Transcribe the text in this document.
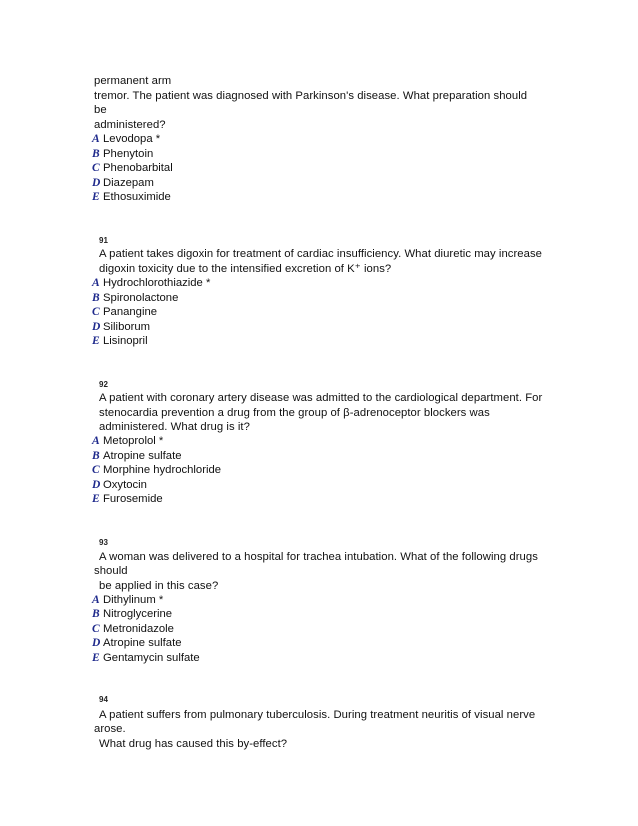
permanent arm
tremor. The patient was diagnosed with Parkinson's disease. What preparation should
be
administered?
A Levodopa *
B Phenytoin
C Phenobarbital
D Diazepam
E Ethosuximide
91
A patient takes digoxin for treatment of cardiac insufficiency. What diuretic may increase
digoxin toxicity due to the intensified excretion of K⁺ ions?
A Hydrochlorothiazide *
B Spironolactone
C Panangine
D Siliborum
E Lisinopril
92
A patient with coronary artery disease was admitted to the cardiological department. For
stenocardia prevention a drug from the group of β-adrenoceptor blockers was
administered. What drug is it?
A Metoprolol *
B Atropine sulfate
C Morphine hydrochloride
D Oxytocin
E Furosemide
93
A woman was delivered to a hospital for trachea intubation. What of the following drugs
should
be applied in this case?
A Dithylinum *
B Nitroglycerine
C Metronidazole
D Atropine sulfate
E Gentamycin sulfate
94
A patient suffers from pulmonary tuberculosis. During treatment neuritis of visual nerve
arose.
What drug has caused this by-effect?
